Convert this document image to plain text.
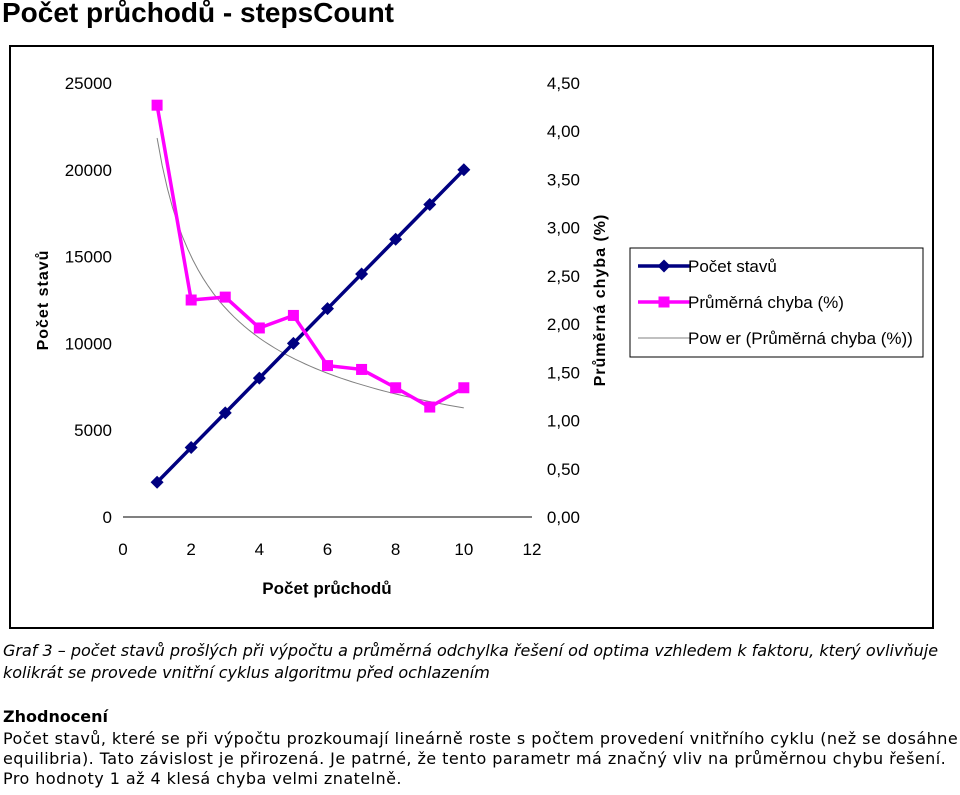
Počet průchodů - stepsCount
0	2	4	6	8	10	12
0
5000
10000
15000
20000
25000
0,00
0,50
1,00
1,50
2,00
2,50
3,00
3,50
4,00
4,50
Počet průchodů
Počet stavů	Průměrná chyba (%)	Počet stavů
Průměrná chyba (%)
Pow er (Průměrná chyba (%))

Graf 3 – počet stavů prošlých při výpočtu a průměrná odchylka řešení od optima vzhledem k faktoru, který ovlivňuje kolikrát se provede vnitřní cyklus algoritmu před ochlazením

Zhodnocení

Počet stavů, které se při výpočtu prozkoumají lineárně roste s počtem provedení vnitřního cyklu (než se dosáhne equilibria). Tato závislost je přirozená. Je patrné, že tento parametr má značný vliv na průměrnou chybu řešení. Pro hodnoty 1 až 4 klesá chyba velmi znatelně.
